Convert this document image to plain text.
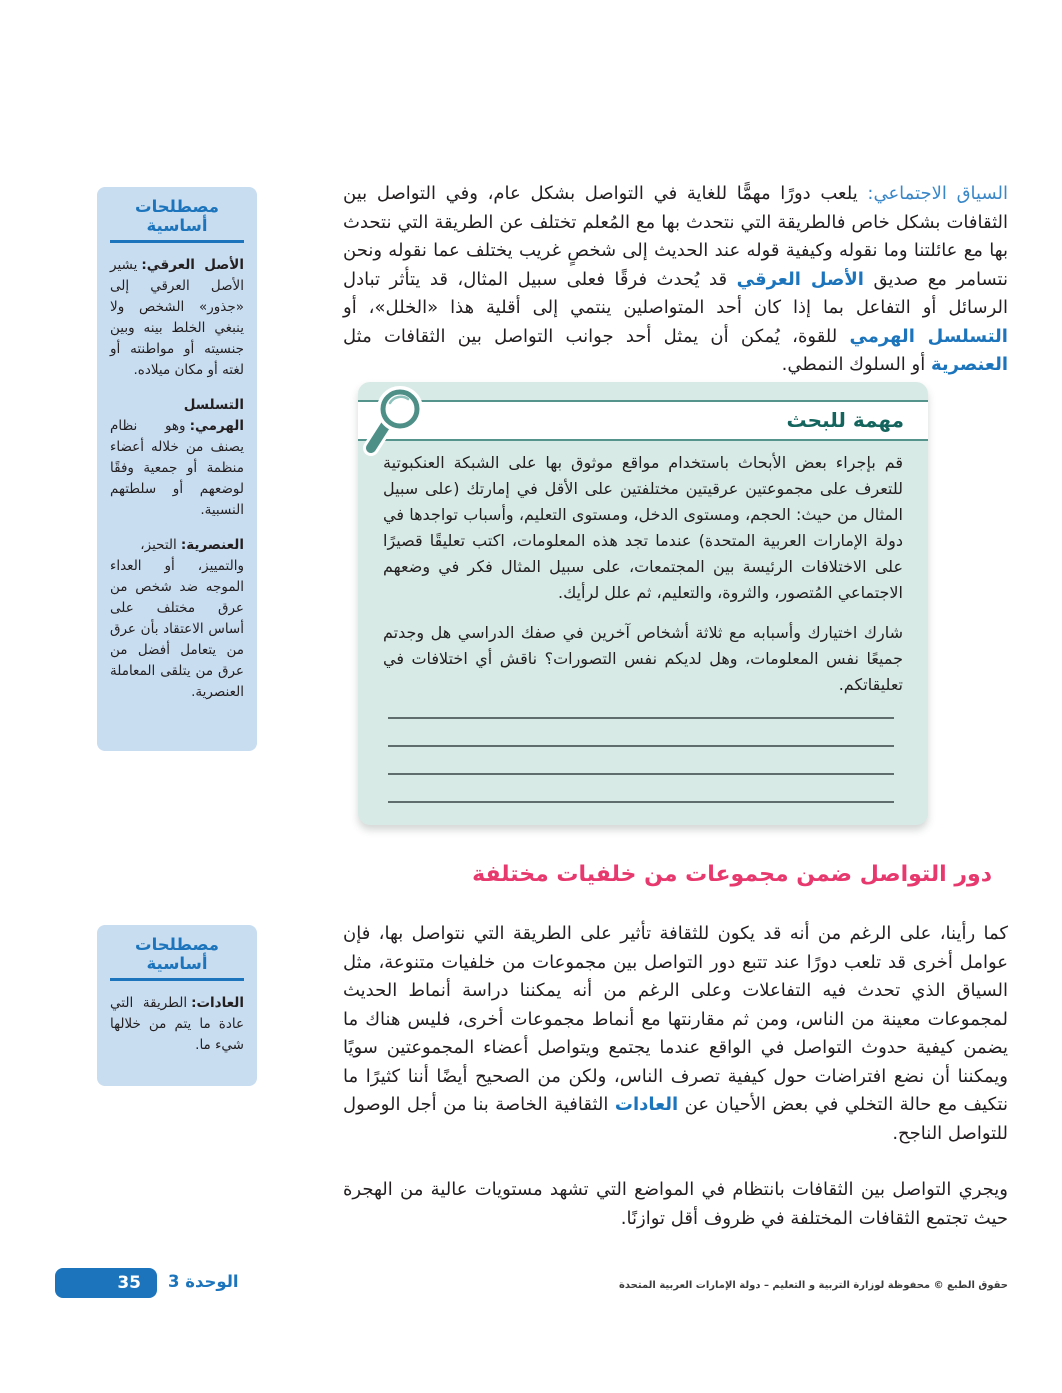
مصطلحات أساسية

الأصل العرقي:يشير الأصل العرقي إلى «جذور» الشخص ولا ينبغي الخلط بينه وبين جنسيته أو مواطنته أو لغته أو مكان ميلاده.

التسلسل الهرمي:وهو نظام يصنف من خلاله أعضاء منظمة أو جمعية وفقًا لوضعهم أو سلطتهم النسبية.

العنصرية:التحيز، والتمييز، أو العداء الموجه ضد شخص من عرق مختلف على أساس الاعتقاد بأن عرق من يتعامل أفضل من عرق من يتلقى المعاملة العنصرية.

مصطلحات أساسية

العادات:الطريقة التي عادة ما يتم من خلالها شيء ما.

السياق الاجتماعي: يلعب دورًا مهمًّا للغاية في التواصل بشكل عام، وفي التواصل بين الثقافات بشكل خاص فالطريقة التي نتحدث بها مع المُعلم تختلف عن الطريقة التي نتحدث بها مع عائلتنا وما نقوله وكيفية قوله عند الحديث إلى شخصٍ غريب يختلف عما نقوله ونحن نتسامر مع صديق الأصل العرقي قد يُحدث فرقًا فعلى سبيل المثال، قد يتأثر تبادل الرسائل أو التفاعل بما إذا كان أحد المتواصلين ينتمي إلى أقلية هذا «الخلل»، أو التسلسل الهرمي للقوة، يُمكن أن يمثل أحد جوانب التواصل بين الثقافات مثل العنصرية أو السلوك النمطي.

مهمة للبحث

قم بإجراء بعض الأبحاث باستخدام مواقع موثوق بها على الشبكة العنكبوتية للتعرف على مجموعتين عرقيتين مختلفتين على الأقل في إمارتك (على سبيل المثال من حيث: الحجم، ومستوى الدخل، ومستوى التعليم، وأسباب تواجدها في دولة الإمارات العربية المتحدة) عندما تجد هذه المعلومات، اكتب تعليقًا قصيرًا على الاختلافات الرئيسة بين المجتمعات، على سبيل المثال فكر في وضعهم الاجتماعي المُتصور، والثروة، والتعليم، ثم علل لرأيك.

شارك اختيارك وأسبابه مع ثلاثة أشخاص آخرين في صفك الدراسي هل وجدتم جميعًا نفس المعلومات، وهل لديكم نفس التصورات؟ ناقش أي اختلافات في تعليقاتكم.

دور التواصل ضمن مجموعات من خلفيات مختلفة

كما رأينا، على الرغم من أنه قد يكون للثقافة تأثير على الطريقة التي نتواصل بها، فإن عوامل أخرى قد تلعب دورًا عند تتبع دور التواصل بين مجموعات من خلفيات متنوعة، مثل السياق الذي تحدث فيه التفاعلات وعلى الرغم من أنه يمكننا دراسة أنماط الحديث لمجموعات معينة من الناس، ومن ثم مقارنتها مع أنماط مجموعات أخرى، فليس هناك ما يضمن كيفية حدوث التواصل في الواقع عندما يجتمع ويتواصل أعضاء المجموعتين سويًا ويمكننا أن نضع افتراضات حول كيفية تصرف الناس، ولكن من الصحيح أيضًا أننا كثيرًا ما نتكيف مع حالة التخلي في بعض الأحيان عن العادات الثقافية الخاصة بنا من أجل الوصول للتواصل الناجح.

ويجري التواصل بين الثقافات بانتظام في المواضع التي تشهد مستويات عالية من الهجرة حيث تجتمع الثقافات المختلفة في ظروف أقل توازنًا.

35 الوحدة 3	حقوق الطبع © محفوظة لوزارة التربية و التعليم – دولة الإمارات العربية المتحدة
